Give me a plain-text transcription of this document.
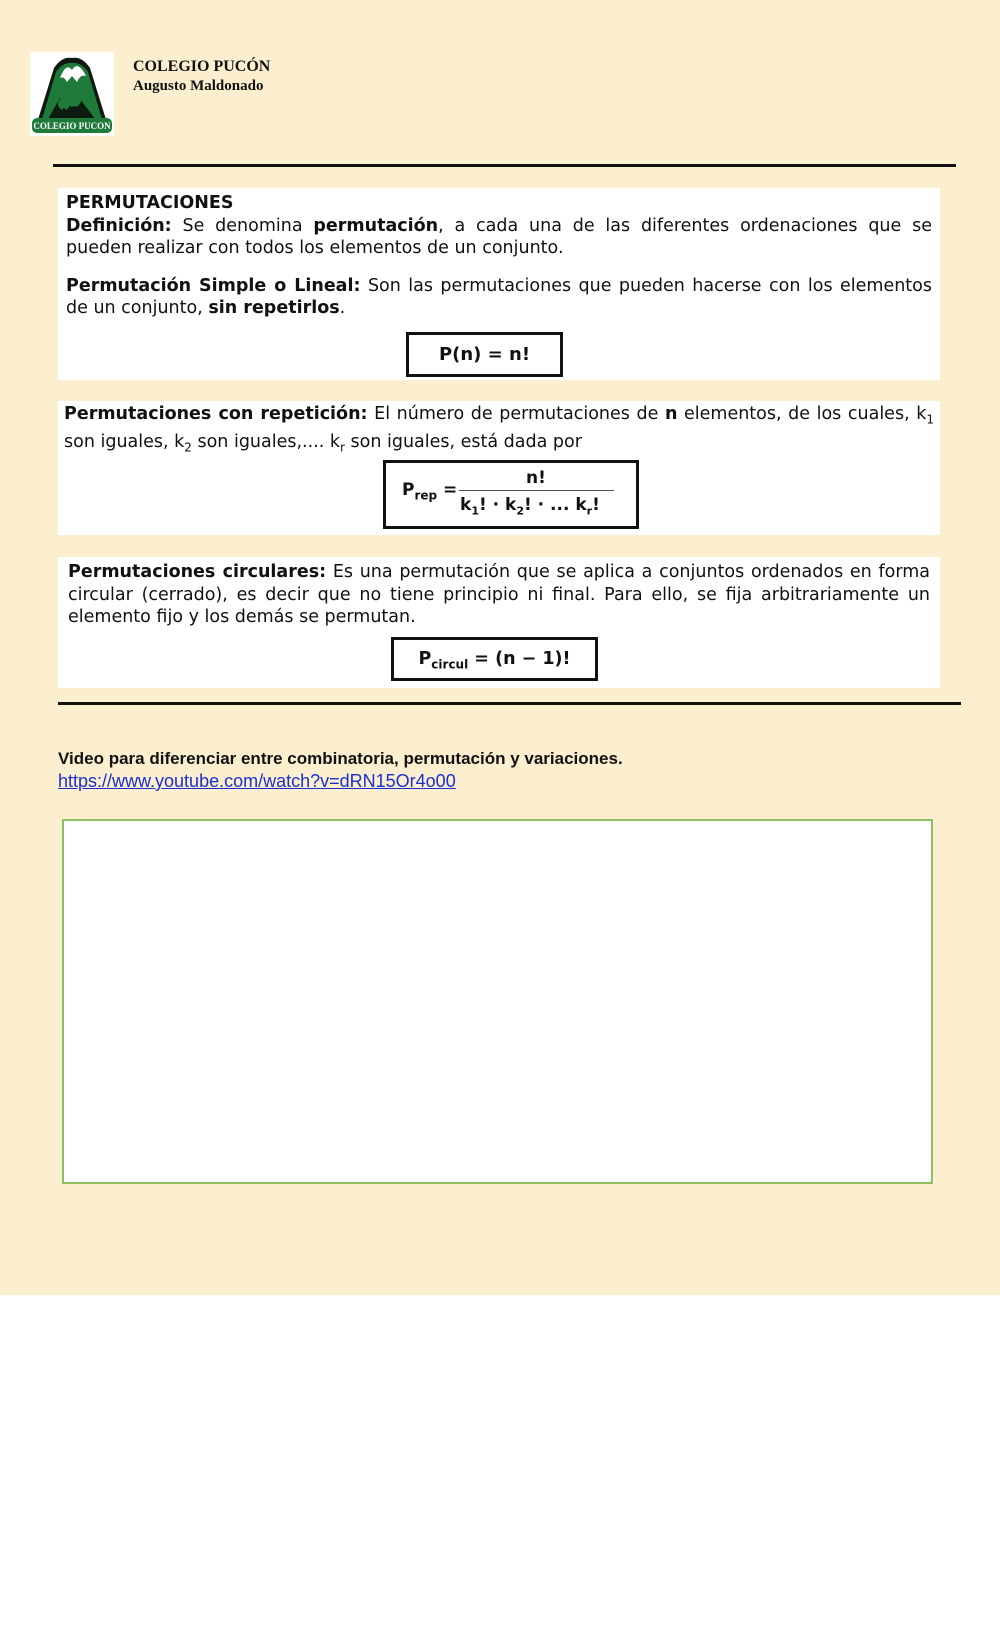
COLEGIO PUCON
COLEGIO PUCÓN
Augusto Maldonado

PERMUTACIONES

Definición: Se denomina permutación, a cada una de las diferentes ordenaciones que se pueden realizar con todos los elementos de un conjunto.

Permutación Simple o Lineal: Son las permutaciones que pueden hacerse con los elementos de un conjunto, sin repetirlos.

P(n) = n!

Permutaciones con repetición: El número de permutaciones de n elementos, de los cuales, $k_1$ son iguales, $k_2$ son iguales,.... $k_r$ son iguales, está dada por

$P_{rep}$ =
n!
$k_1$! · $k_2$! · ... $k_r$!

Permutaciones circulares: Es una permutación que se aplica a conjuntos ordenados en forma circular (cerrado), es decir que no tiene principio ni final. Para ello, se fija arbitrariamente un elemento fijo y los demás se permutan.

$P_{circul} = (n - 1)$!
Video para diferenciar entre combinatoria, permutación y variaciones.
https://www.youtube.com/watch?v=dRN15Or4o00
